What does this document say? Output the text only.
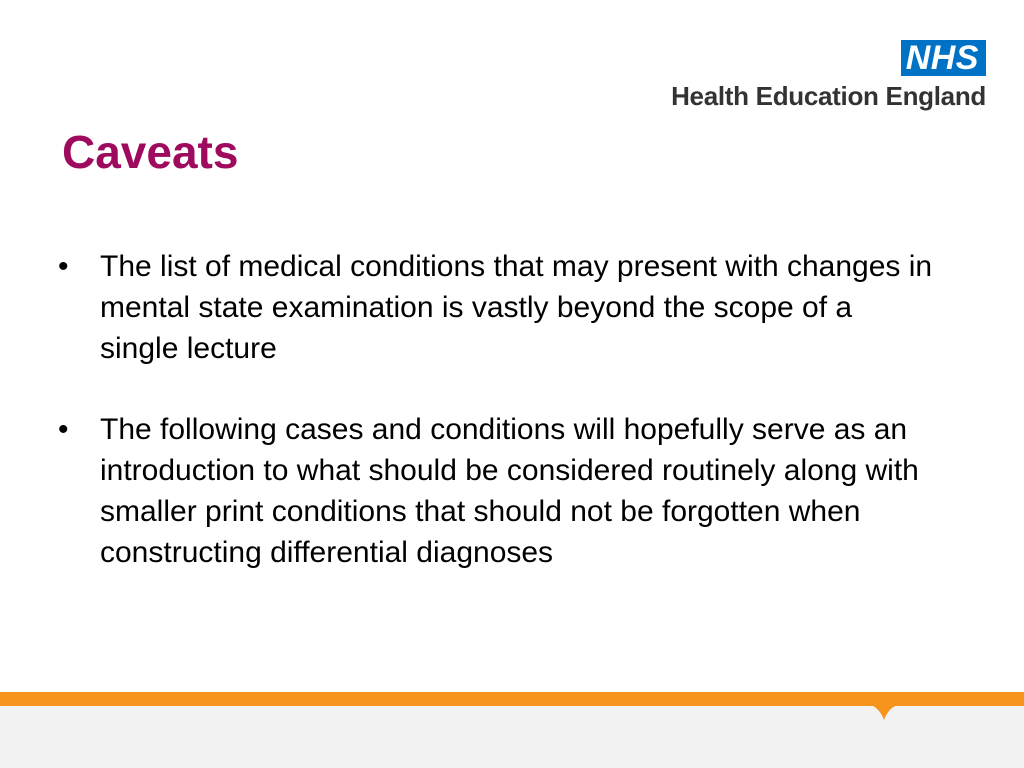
NHS
Health Education England
Caveats
• The list of medical conditions that may present with changes in mental state examination is vastly beyond the scope of a single lecture
• The following cases and conditions will hopefully serve as an introduction to what should be considered routinely along with smaller print conditions that should not be forgotten when constructing differential diagnoses
